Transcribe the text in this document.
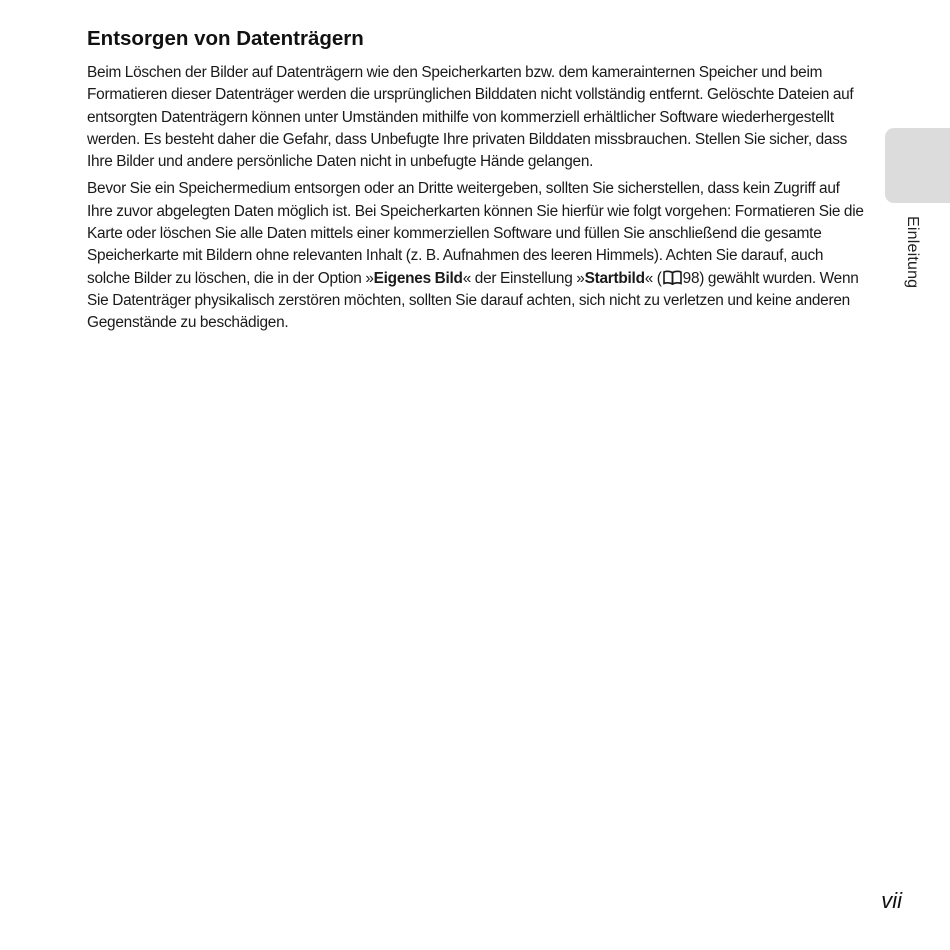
Entsorgen von Datenträgern

Beim Löschen der Bilder auf Datenträgern wie den Speicherkarten bzw. dem kamerainternen Speicher und beim Formatieren dieser Datenträger werden die ursprünglichen Bilddaten nicht vollständig entfernt. Gelöschte Dateien auf entsorgten Datenträgern können unter Umständen mithilfe von kommerziell erhältlicher Software wiederhergestellt werden. Es besteht daher die Gefahr, dass Unbefugte Ihre privaten Bilddaten missbrauchen. Stellen Sie sicher, dass Ihre Bilder und andere persönliche Daten nicht in unbefugte Hände gelangen.

Bevor Sie ein Speichermedium entsorgen oder an Dritte weitergeben, sollten Sie sicherstellen, dass kein Zugriff auf Ihre zuvor abgelegten Daten möglich ist. Bei Speicherkarten können Sie hierfür wie folgt vorgehen: Formatieren Sie die Karte oder löschen Sie alle Daten mittels einer kommerziellen Software und füllen Sie anschließend die gesamte Speicherkarte mit Bildern ohne relevanten Inhalt (z. B. Aufnahmen des leeren Himmels). Achten Sie darauf, auch solche Bilder zu löschen, die in der Option »Eigenes Bild« der Einstellung »Startbild« ( 98) gewählt wurden. Wenn Sie Datenträger physikalisch zerstören möchten, sollten Sie darauf achten, sich nicht zu verletzen und keine anderen Gegenstände zu beschädigen.

Einleitung
vii
